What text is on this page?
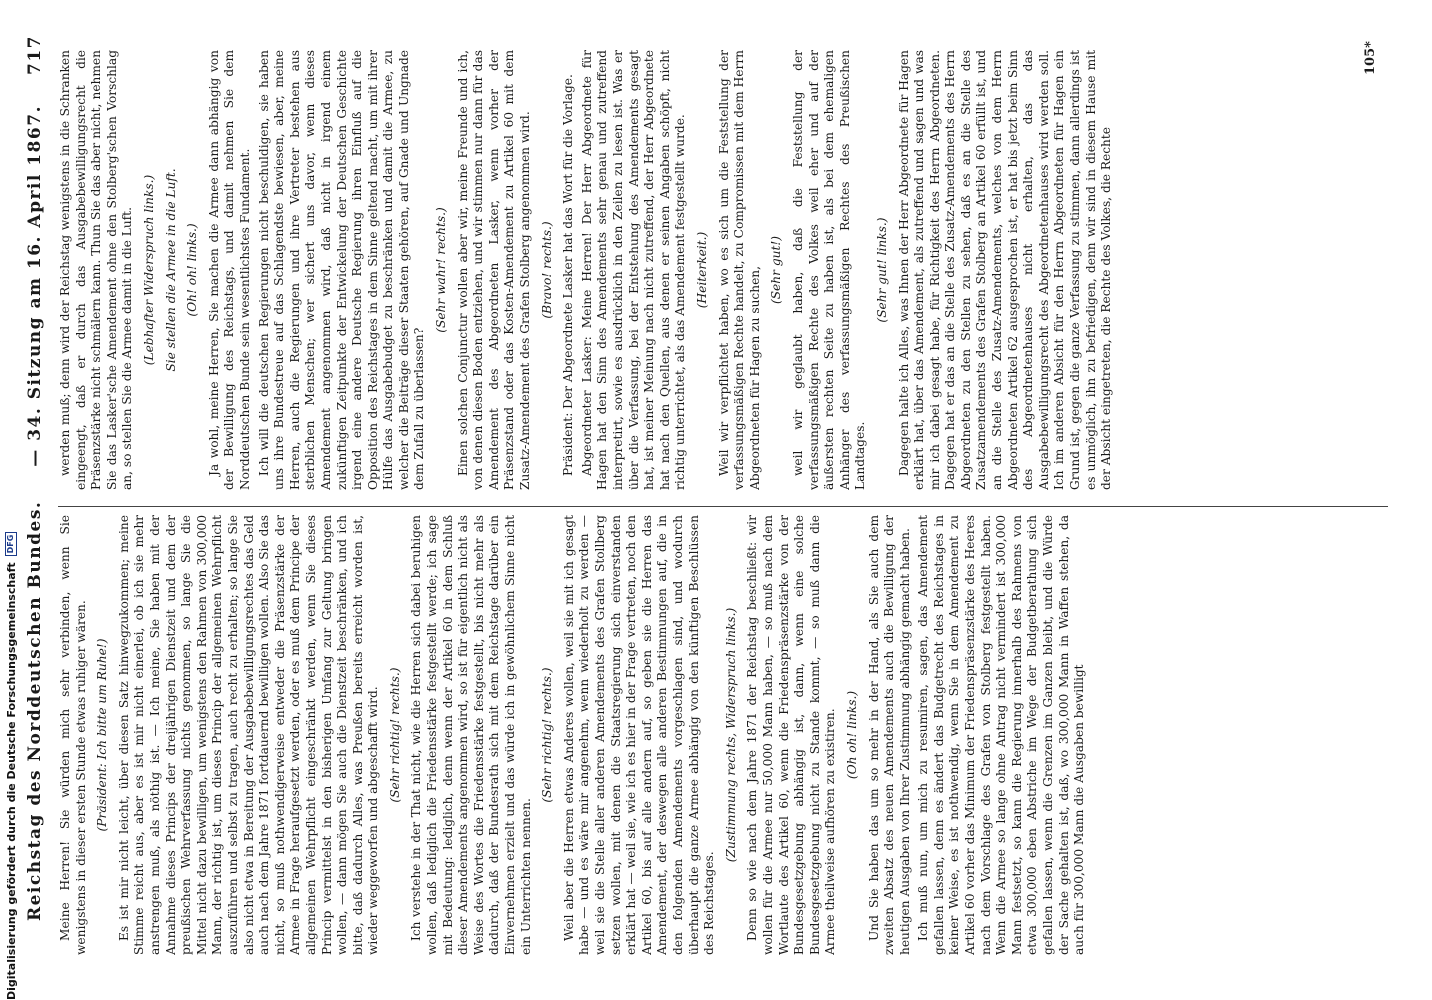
Reichstag des Norddeutschen Bundes.
— 34. Sitzung am 16. April 1867.
717

Meine Herren! Sie würden mich sehr verbinden, wenn Sie wenigstens in dieser ersten Stunde etwas ruhiger wären. (Präsident: Ich bitte um Ruhe!) Es ist mir nicht leicht, über diesen Satz hinwegzukommen; meine Stimme reicht aus, aber es ist mir nicht einerlei, ob ich sie mehr anstrengen muß, als nöthig ist. — Ich meine, Sie haben mit der Annahme dieses Princips der dreijährigen Dienstzeit und dem der preußischen Wehrverfassung nichts genommen, so lange Sie die Mittel nicht dazu bewilligen, um wenigstens den Rahmen von 300,000 Mann, der richtig ist, um dieses Princip der allgemeinen Wehrpflicht auszuführen und selbst zu tragen, auch recht zu erhalten; so lange Sie also nicht etwa in Bereitung der Ausgabebewilligungsrechtes das Geld auch nach dem Jahre 1871 fortdauernd bewilligen wollen. Also Sie das nicht, so muß nothwendigerweise entweder die Präsenzstärke der Armee in Frage heraufgesetzt werden, oder es muß dem Principe der allgemeinen Wehrpflicht eingeschränkt werden, wenn Sie dieses Princip vermittelst in den bisherigen Umfang zur Geltung bringen wollen, — dann mögen Sie auch die Dienstzeit beschränken, und ich bitte, daß dadurch Alles, was Preußen bereits erreicht worden ist, wieder weggeworfen und abgeschafft wird. (Sehr richtig! rechts.) Ich verstehe in der That nicht, wie die Herren sich dabei beruhigen wollen, daß lediglich die Friedensstärke festgestellt werde; ich sage mit Bedeutung: lediglich, denn wenn der Artikel 60 in dem Schluß dieser Amendements angenommen wird, so ist für eigentlich nicht als Weise des Wortes die Friedensstärke festgestellt, bis nicht mehr als dadurch, daß der Bundesrath sich mit dem Reichstage darüber ein Einvernehmen erzielt und das würde ich in gewöhnlichem Sinne nicht ein Unterrichten nennen.

(Sehr richtig! rechts.) Weil aber die Herren etwas Anderes wollen, weil sie mit ich gesagt habe — und es wäre mir angenehm, wenn wiederholt zu werden — weil sie die Stelle aller anderen Amendements des Grafen Stollberg setzen wollen, mit denen die Staatsregierung sich einverstanden erklärt hat — weil sie, wie ich es hier in der Frage vertreten, noch den Artikel 60, bis auf alle andern auf, so geben sie die Herren das Amendement, der deswegen alle anderen Bestimmungen auf, die in den folgenden Amendements vorgeschlagen sind, und wodurch überhaupt die ganze Armee abhängig von den künftigen Beschlüssen des Reichstages.

(Zustimmung rechts, Widerspruch links.) Denn so wie nach dem Jahre 1871 der Reichstag beschließt: wir wollen für die Armee nur 50,000 Mann haben, — so muß nach dem Wortlaute des Artikel 60, wenn die Friedenspräsenzstärke von der Bundesgesetzgebung abhängig ist, dann, wenn eine solche Bundesgesetzgebung nicht zu Stande kommt, — so muß dann die Armee theilweise aufhören zu existiren. (Oh oh! links.) Und Sie haben das um so mehr in der Hand, als Sie auch dem zweiten Absatz des neuen Amendements auch die Bewilligung der heutigen Ausgaben von Ihrer Zustimmung abhängig gemacht haben. Ich muß nun, um mich zu resumiren, sagen, das Amendement gefallen lassen, denn es ändert das Budgetrecht des Reichstages in keiner Weise, es ist nothwendig, wenn Sie in dem Amendement zu Artikel 60 vorher das Minimum der Friedenspräsenzstärke des Heeres nach dem Vorschlage des Grafen von Stolberg festgestellt haben. Wenn die Armee so lange ohne Antrag nicht vermindert ist 300,000 Mann festsetzt, so kann die Regierung innerhalb des Rahmens von etwa 300,000 eben Abstriche im Wege der Budgetberathung sich gefallen lassen, wenn die Grenzen im Ganzen bleibt, und die Würde der Sache gehalten ist, daß, wo 300,000 Mann in Waffen stehen, da auch für 300,000 Mann die Ausgaben bewilligt

werden muß; denn wird der Reichstag wenigstens in die Schranken eingeengt, daß er durch das Ausgabebewilligungsrecht die Präsenzstärke nicht schmälern kann. Thun Sie das aber nicht, nehmen Sie das Lasker'sche Amendement ohne den Stolberg'schen Vorschlag an, so stellen Sie die Armee damit in die Luft. (Lebhafter Widerspruch links.) Sie stellen die Armee in die Luft. (Oh! oh! links.) Ja wohl, meine Herren, Sie machen die Armee dann abhängig von der Bewilligung des Reichstags, und damit nehmen Sie dem Norddeutschen Bunde sein wesentlichstes Fundament. Ich will die deutschen Regierungen nicht beschuldigen, sie haben uns ihre Bundestreue auf das Schlagendste bewiesen, aber, meine Herren, auch die Regierungen und ihre Vertreter bestehen aus sterblichen Menschen; wer sichert uns davor, wenn dieses Amendement angenommen wird, daß nicht in irgend einem zukünftigen Zeitpunkte der Entwickelung der Deutschen Geschichte irgend eine andere Deutsche Regierung ihren Einfluß auf die Opposition des Reichstages in dem Sinne geltend macht, um mit ihrer Hülfe das Ausgabebudget zu beschränken und damit die Armee, zu welcher die Beiträge dieser Staaten gehören, auf Gnade und Ungnade dem Zufall zu überlassen?

(Sehr wahr! rechts.) Einen solchen Conjunctur wollen aber wir, meine Freunde und ich, von denen diesen Boden entziehen, und wir stimmen nur dann für das Amendement des Abgeordneten Lasker, wenn vorher der Präsenzstand oder das Kosten-Amendement zu Artikel 60 mit dem Zusatz-Amendement des Grafen Stolberg angenommen wird. (Bravo! rechts.) Präsident: Der Abgeordnete Lasker hat das Wort für die Vorlage. Abgeordneter Lasker: Meine Herren! Der Herr Abgeordnete für Hagen hat den Sinn des Amendements sehr genau und zutreffend interpretirt, sowie es ausdrücklich in den Zeilen zu lesen ist. Was er über die Verfassung, bei der Entstehung des Amendements gesagt hat, ist meiner Meinung nach nicht zutreffend, der Herr Abgeordnete hat nach den Quellen, aus denen er seinen Angaben schöpft, nicht richtig unterrichtet, als das Amendement festgestellt wurde. (Heiterkeit.) Weil wir verpflichtet haben, wo es sich um die Feststellung der verfassungsmäßigen Rechte handelt, zu Compromissen mit dem Herrn Abgeordneten für Hagen zu suchen, (Sehr gut!) weil wir geglaubt haben, daß die Feststellung der verfassungsmäßigen Rechte des Volkes weil eher und auf der äußersten rechten Seite zu haben ist, als bei dem ehemaligen Anhänger des verfassungsmäßigen Rechtes des Preußischen Landtages.

(Sehr gut! links.) Dagegen halte ich Alles, was Ihnen der Herr Abgeordnete für Hagen erklärt hat, über das Amendement, als zutreffend und sagen und was mir ich dabei gesagt habe, für Richtigkeit des Herrn Abgeordneten. Dagegen hat er das an die Stelle des Zusatz-Amendements des Herrn Abgeordneten zu den Stellen zu sehen, daß es an die Stelle des Zusatzamendements des Grafen Stolberg an Artikel 60 erfüllt ist, und an die Stelle des Zusatz-Amendements, welches von dem Herrn Abgeordneten Artikel 62 ausgesprochen ist, er hat bis jetzt beim Sinn des Abgeordnetenhauses nicht erhalten, das das Ausgabebewilligungsrecht des Abgeordnetenhauses wird werden soll. Ich im anderen Absicht für den Herrn Abgeordneten für Hagen ein Grund ist, gegen die ganze Verfassung zu stimmen, dann allerdings ist es unmöglich, ihn zu befriedigen, denn wir sind in diesem Hause mit der Absicht eingetreten, die Rechte des Volkes, die Rechte

105*
Digitalisierung gefördert durch die Deutsche Forschungsgemeinschaft
DFG
